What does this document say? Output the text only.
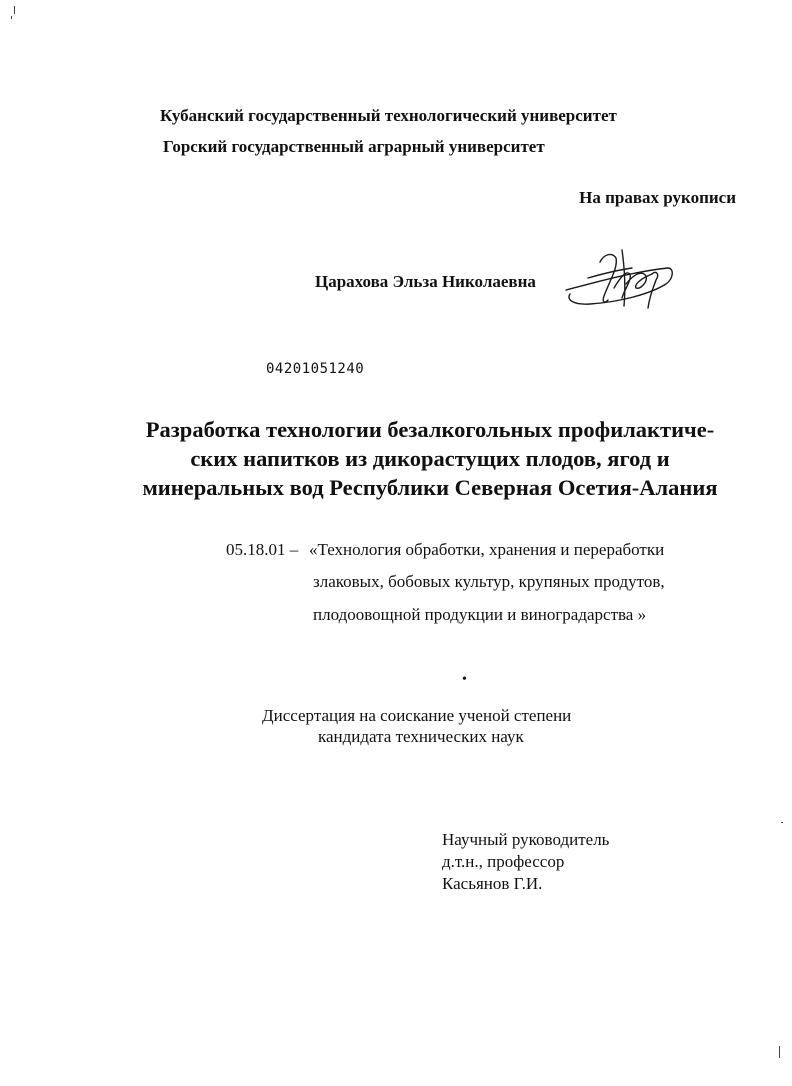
Кубанский государственный технологический университет
Горский государственный аграрный университет
На правах рукописи
Царахова Эльза Николаевна
04201051240
Разработка технологии безалкогольных профилактиче-
ских напитков из дикорастущих плодов, ягод и
минеральных вод Республики Северная Осетия-Алания
05.18.01 – «Технология обработки, хранения и переработки
злаковых, бобовых культур, крупяных продутов,
плодоовощной продукции и виноградарства »
•
Диссертация на соискание ученой степени
кандидата технических наук
Научный руководитель
д.т.н., профессор
Касьянов Г.И.
